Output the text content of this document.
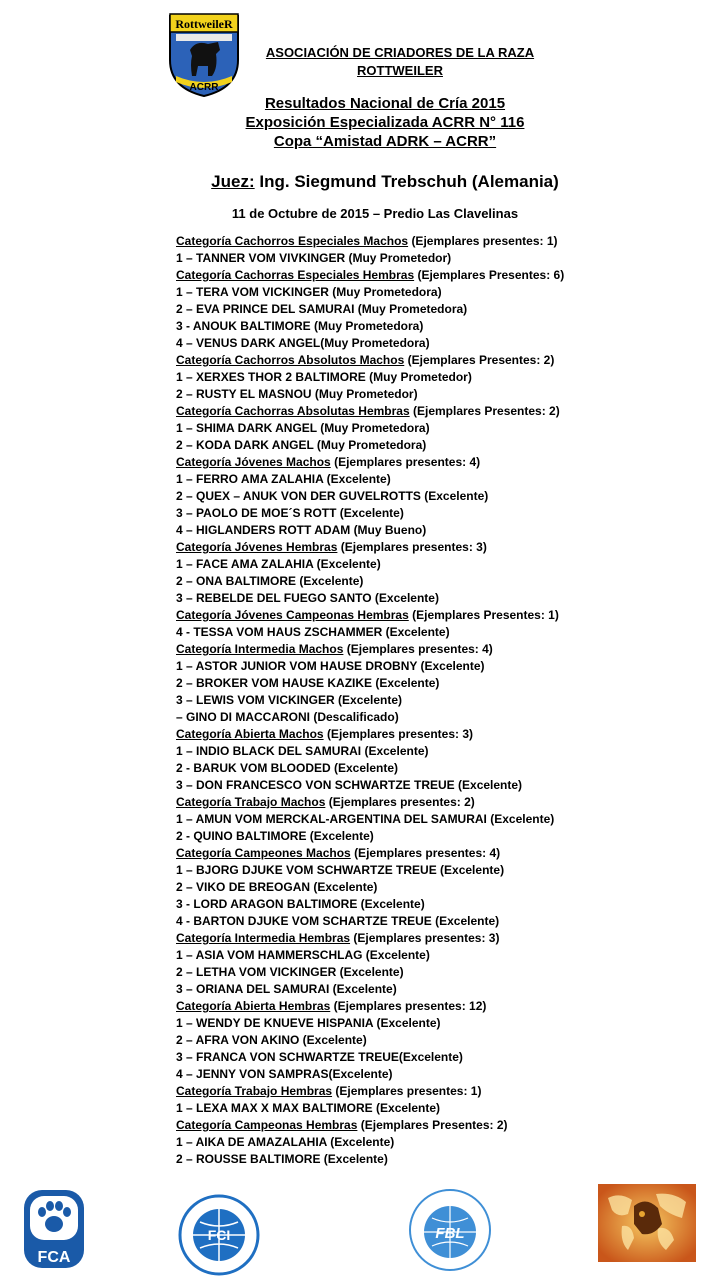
RottweileR
ACRR
ASOCIACIÓN DE CRIADORES DE LA RAZA
ROTTWEILER
Resultados Nacional de Cría 2015
Exposición Especializada ACRR N° 116
Copa “Amistad ADRK – ACRR”
Juez: Ing. Siegmund Trebschuh (Alemania)
11 de Octubre de 2015 – Predio Las Clavelinas
Categoría Cachorros Especiales Machos (Ejemplares presentes: 1)
1 – TANNER VOM VIVKINGER (Muy Prometedor)
Categoría Cachorras Especiales Hembras (Ejemplares Presentes: 6)
1 – TERA VOM VICKINGER (Muy Prometedora)
2 – EVA PRINCE DEL SAMURAI (Muy Prometedora)
3 - ANOUK BALTIMORE (Muy Prometedora)
4 – VENUS DARK ANGEL(Muy Prometedora)
Categoría Cachorros Absolutos Machos (Ejemplares Presentes: 2)
1 – XERXES THOR 2 BALTIMORE (Muy Prometedor)
2 – RUSTY EL MASNOU (Muy Prometedor)
Categoría Cachorras Absolutas Hembras (Ejemplares Presentes: 2)
1 – SHIMA DARK ANGEL (Muy Prometedora)
2 – KODA DARK ANGEL (Muy Prometedora)
Categoría Jóvenes Machos (Ejemplares presentes: 4)
1 – FERRO AMA ZALAHIA (Excelente)
2 – QUEX – ANUK VON DER GUVELROTTS (Excelente)
3 – PAOLO DE MOE´S ROTT (Excelente)
4 – HIGLANDERS ROTT ADAM (Muy Bueno)
Categoría Jóvenes Hembras (Ejemplares presentes: 3)
1 – FACE AMA ZALAHIA (Excelente)
2 – ONA BALTIMORE (Excelente)
3 – REBELDE DEL FUEGO SANTO (Excelente)
Categoría Jóvenes Campeonas Hembras (Ejemplares Presentes: 1)
4 - TESSA VOM HAUS ZSCHAMMER (Excelente)
Categoría Intermedia Machos (Ejemplares presentes: 4)
1 – ASTOR JUNIOR VOM HAUSE DROBNY (Excelente)
2 – BROKER VOM HAUSE KAZIKE (Excelente)
3 – LEWIS VOM VICKINGER (Excelente)
– GINO DI MACCARONI (Descalificado)
Categoría Abierta Machos (Ejemplares presentes: 3)
1 – INDIO BLACK DEL SAMURAI (Excelente)
2 - BARUK VOM BLOODED (Excelente)
3 – DON FRANCESCO VON SCHWARTZE TREUE (Excelente)
Categoría Trabajo Machos (Ejemplares presentes: 2)
1 – AMUN VOM MERCKAL-ARGENTINA DEL SAMURAI (Excelente)
2 - QUINO BALTIMORE (Excelente)
Categoría Campeones Machos (Ejemplares presentes: 4)
1 – BJORG DJUKE VOM SCHWARTZE TREUE (Excelente)
2 – VIKO DE BREOGAN (Excelente)
3 - LORD ARAGON BALTIMORE (Excelente)
4 - BARTON DJUKE VOM SCHARTZE TREUE (Excelente)
Categoría Intermedia Hembras (Ejemplares presentes: 3)
1 – ASIA VOM HAMMERSCHLAG (Excelente)
2 – LETHA VOM VICKINGER (Excelente)
3 – ORIANA DEL SAMURAI (Excelente)
Categoría Abierta Hembras (Ejemplares presentes: 12)
1 – WENDY DE KNUEVE HISPANIA (Excelente)
2 – AFRA VON AKINO (Excelente)
3 – FRANCA VON SCHWARTZE TREUE(Excelente)
4 – JENNY VON SAMPRAS(Excelente)
Categoría Trabajo Hembras (Ejemplares presentes: 1)
1 – LEXA MAX X MAX BALTIMORE (Excelente)
Categoría Campeonas Hembras (Ejemplares Presentes: 2)
1 – AIKA DE AMAZALAHIA (Excelente)
2 – ROUSSE BALTIMORE (Excelente)
FCA
FCI	FBL
